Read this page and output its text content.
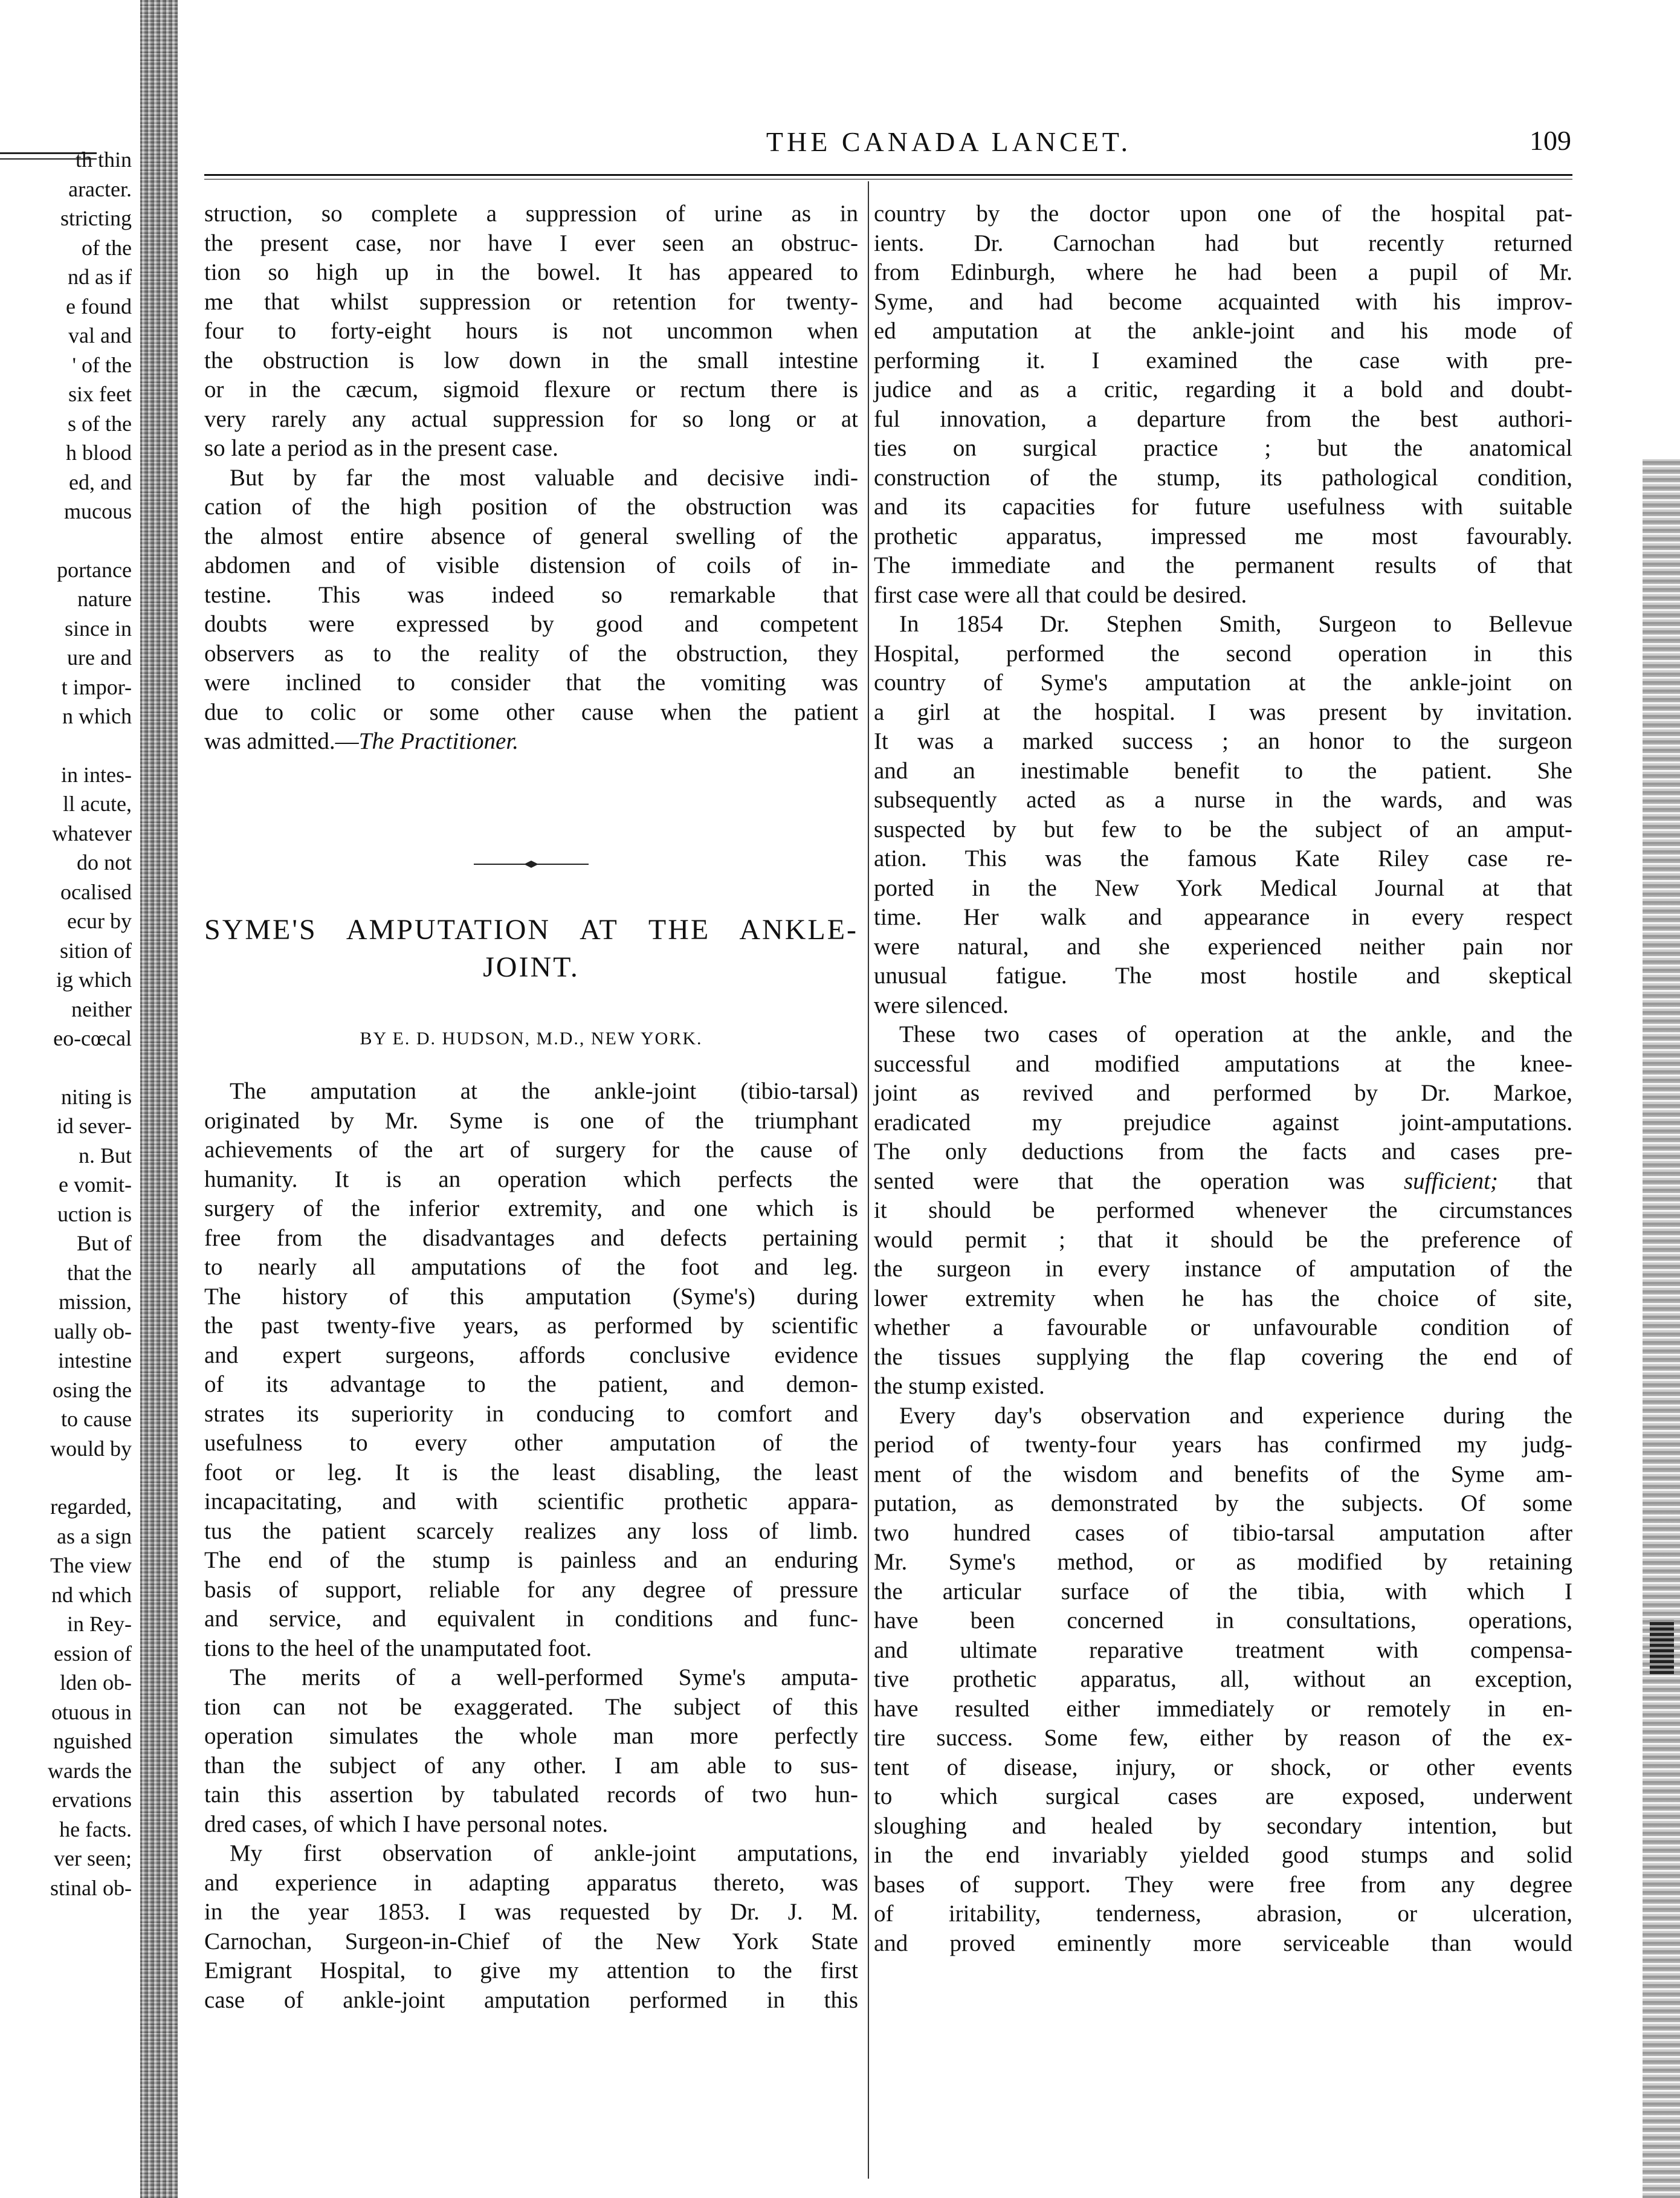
th thin
aracter.
stricting
of the
nd as if
e found
val and
' of the
six feet
s of the
h blood
ed, and
mucous
portance
nature
since in
ure and
t impor-
n which
in intes-
ll acute,
whatever
do not
ocalised
ecur by
sition of
ig which
neither
eo-cœcal
niting is
id sever-
n. But
e vomit-
uction is
But of
that the
mission,
ually ob-
intestine
osing the
to cause
would by
regarded,
as a sign
The view
nd which
in Rey-
ession of
lden ob-
otuous in
nguished
wards the
ervations
he facts.
ver seen;
stinal ob-
THE CANADA LANCET.	109
struction, so complete a suppression of urine as in
the present case, nor have I ever seen an obstruc-
tion so high up in the bowel. It has appeared to
me that whilst suppression or retention for twenty-
four to forty-eight hours is not uncommon when
the obstruction is low down in the small intestine
or in the cæcum, sigmoid flexure or rectum there is
very rarely any actual suppression for so long or at
so late a period as in the present case.
But by far the most valuable and decisive indi-
cation of the high position of the obstruction was
the almost entire absence of general swelling of the
abdomen and of visible distension of coils of in-
testine. This was indeed so remarkable that
doubts were expressed by good and competent
observers as to the reality of the obstruction, they
were inclined to consider that the vomiting was
due to colic or some other cause when the patient
was admitted.—The Practitioner.
SYME'S AMPUTATION AT THE ANKLE-
JOINT.
BY E. D. HUDSON, M.D., NEW YORK.
The amputation at the ankle-joint (tibio-tarsal)
originated by Mr. Syme is one of the triumphant
achievements of the art of surgery for the cause of
humanity. It is an operation which perfects the
surgery of the inferior extremity, and one which is
free from the disadvantages and defects pertaining
to nearly all amputations of the foot and leg.
The history of this amputation (Syme's) during
the past twenty-five years, as performed by scientific
and expert surgeons, affords conclusive evidence
of its advantage to the patient, and demon-
strates its superiority in conducing to comfort and
usefulness to every other amputation of the
foot or leg. It is the least disabling, the least
incapacitating, and with scientific prothetic appara-
tus the patient scarcely realizes any loss of limb.
The end of the stump is painless and an enduring
basis of support, reliable for any degree of pressure
and service, and equivalent in conditions and func-
tions to the heel of the unamputated foot.
The merits of a well-performed Syme's amputa-
tion can not be exaggerated. The subject of this
operation simulates the whole man more perfectly
than the subject of any other. I am able to sus-
tain this assertion by tabulated records of two hun-
dred cases, of which I have personal notes.
My first observation of ankle-joint amputations,
and experience in adapting apparatus thereto, was
in the year 1853. I was requested by Dr. J. M.
Carnochan, Surgeon-in-Chief of the New York State
Emigrant Hospital, to give my attention to the first
case of ankle-joint amputation performed in this
country by the doctor upon one of the hospital pat-
ients. Dr. Carnochan had but recently returned
from Edinburgh, where he had been a pupil of Mr.
Syme, and had become acquainted with his improv-
ed amputation at the ankle-joint and his mode of
performing it. I examined the case with pre-
judice and as a critic, regarding it a bold and doubt-
ful innovation, a departure from the best authori-
ties on surgical practice ; but the anatomical
construction of the stump, its pathological condition,
and its capacities for future usefulness with suitable
prothetic apparatus, impressed me most favourably.
The immediate and the permanent results of that
first case were all that could be desired.
In 1854 Dr. Stephen Smith, Surgeon to Bellevue
Hospital, performed the second operation in this
country of Syme's amputation at the ankle-joint on
a girl at the hospital. I was present by invitation.
It was a marked success ; an honor to the surgeon
and an inestimable benefit to the patient. She
subsequently acted as a nurse in the wards, and was
suspected by but few to be the subject of an amput-
ation. This was the famous Kate Riley case re-
ported in the New York Medical Journal at that
time. Her walk and appearance in every respect
were natural, and she experienced neither pain nor
unusual fatigue. The most hostile and skeptical
were silenced.
These two cases of operation at the ankle, and the
successful and modified amputations at the knee-
joint as revived and performed by Dr. Markoe,
eradicated my prejudice against joint-amputations.
The only deductions from the facts and cases pre-
sented were that the operation was sufficient; that
it should be performed whenever the circumstances
would permit ; that it should be the preference of
the surgeon in every instance of amputation of the
lower extremity when he has the choice of site,
whether a favourable or unfavourable condition of
the tissues supplying the flap covering the end of
the stump existed.
Every day's observation and experience during the
period of twenty-four years has confirmed my judg-
ment of the wisdom and benefits of the Syme am-
putation, as demonstrated by the subjects. Of some
two hundred cases of tibio-tarsal amputation after
Mr. Syme's method, or as modified by retaining
the articular surface of the tibia, with which I
have been concerned in consultations, operations,
and ultimate reparative treatment with compensa-
tive prothetic apparatus, all, without an exception,
have resulted either immediately or remotely in en-
tire success. Some few, either by reason of the ex-
tent of disease, injury, or shock, or other events
to which surgical cases are exposed, underwent
sloughing and healed by secondary intention, but
in the end invariably yielded good stumps and solid
bases of support. They were free from any degree
of iritability, tenderness, abrasion, or ulceration,
and proved eminently more serviceable than would
